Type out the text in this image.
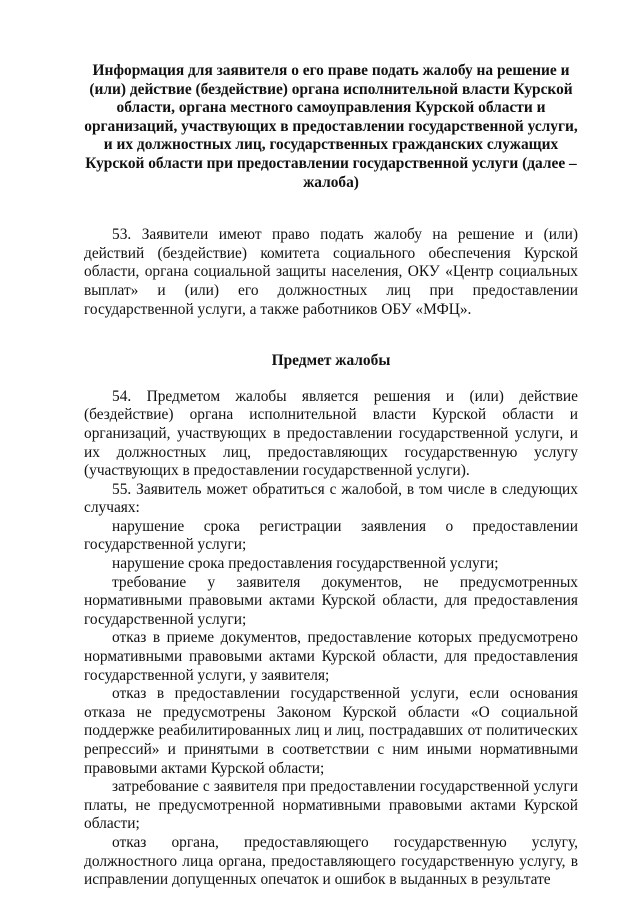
Информация для заявителя о его праве подать жалобу на решение и (или) действие (бездействие) органа исполнительной власти Курской области, органа местного самоуправления Курской области и организаций, участвующих в предоставлении государственной услуги, и их должностных лиц, государственных гражданских служащих Курской области при предоставлении государственной услуги (далее – жалоба)

53. Заявители имеют право подать жалобу на решение и (или) действий (бездействие) комитета социального обеспечения Курской области, органа социальной защиты населения, ОКУ «Центр социальных выплат» и (или) его должностных лиц при предоставлении государственной услуги, а также работников ОБУ «МФЦ».

Предмет жалобы

54. Предметом жалобы является решения и (или) действие (бездействие) органа исполнительной власти Курской области и организаций, участвующих в предоставлении государственной услуги, и их должностных лиц, предоставляющих государственную услугу (участвующих в предоставлении государственной услуги).

55. Заявитель может обратиться с жалобой, в том числе в следующих случаях:

нарушение срока регистрации заявления о предоставлении государственной услуги;

нарушение срока предоставления государственной услуги;

требование у заявителя документов, не предусмотренных нормативными правовыми актами Курской области, для предоставления государственной услуги;

отказ в приеме документов, предоставление которых предусмотрено нормативными правовыми актами Курской области, для предоставления государственной услуги, у заявителя;

отказ в предоставлении государственной услуги, если основания отказа не предусмотрены Законом Курской области «О социальной поддержке реабилитированных лиц и лиц, пострадавших от политических репрессий» и принятыми в соответствии с ним иными нормативными правовыми актами Курской области;

затребование с заявителя при предоставлении государственной услуги платы, не предусмотренной нормативными правовыми актами Курской области;

отказ органа, предоставляющего государственную услугу, должностного лица органа, предоставляющего государственную услугу, в исправлении допущенных опечаток и ошибок в выданных в результате
